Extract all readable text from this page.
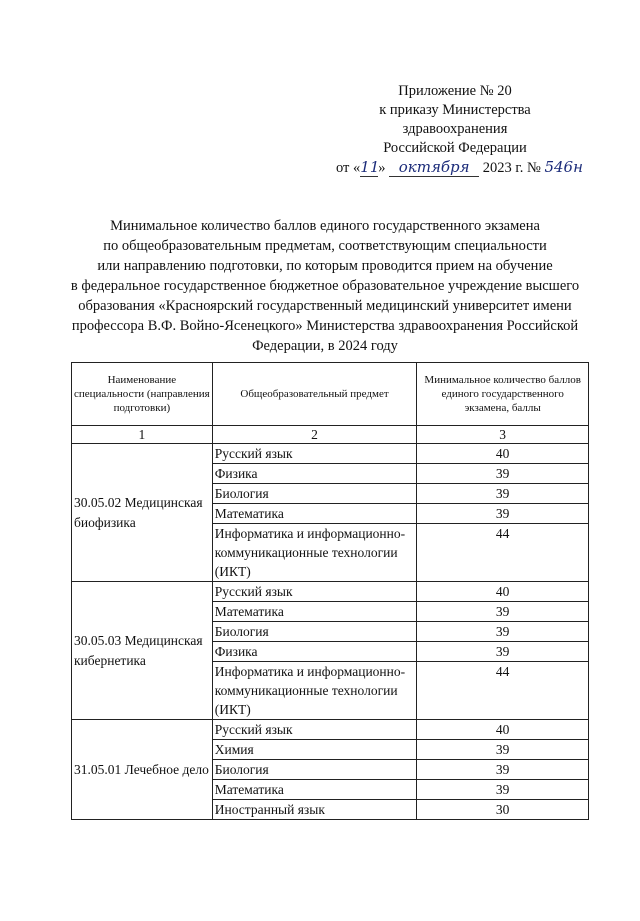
Приложение № 20
к приказу Министерства
здравоохранения
Российской Федерации
от «11» октября 2023 г. № 546н
Минимальное количество баллов единого государственного экзамена
по общеобразовательным предметам, соответствующим специальности
или направлению подготовки, по которым проводится прием на обучение
в федеральное государственное бюджетное образовательное учреждение высшего
образования «Красноярский государственный медицинский университет имени
профессора В.Ф. Войно-Ясенецкого» Министерства здравоохранения Российской
Федерации, в 2024 году
Наименование специальности (направления подготовки)	Общеобразовательный предмет	Минимальное количество баллов единого государственного экзамена, баллы
1	2	3
30.05.02 Медицинская биофизика	Русский язык	40
	Физика	39
	Биология	39
	Математика	39
	Информатика и информационно-коммуникационные технологии (ИКТ)	44
30.05.03 Медицинская кибернетика	Русский язык	40
	Математика	39
	Биология	39
	Физика	39
	Информатика и информационно-коммуникационные технологии (ИКТ)	44
31.05.01 Лечебное дело	Русский язык	40
	Химия	39
	Биология	39
	Математика	39
	Иностранный язык	30
